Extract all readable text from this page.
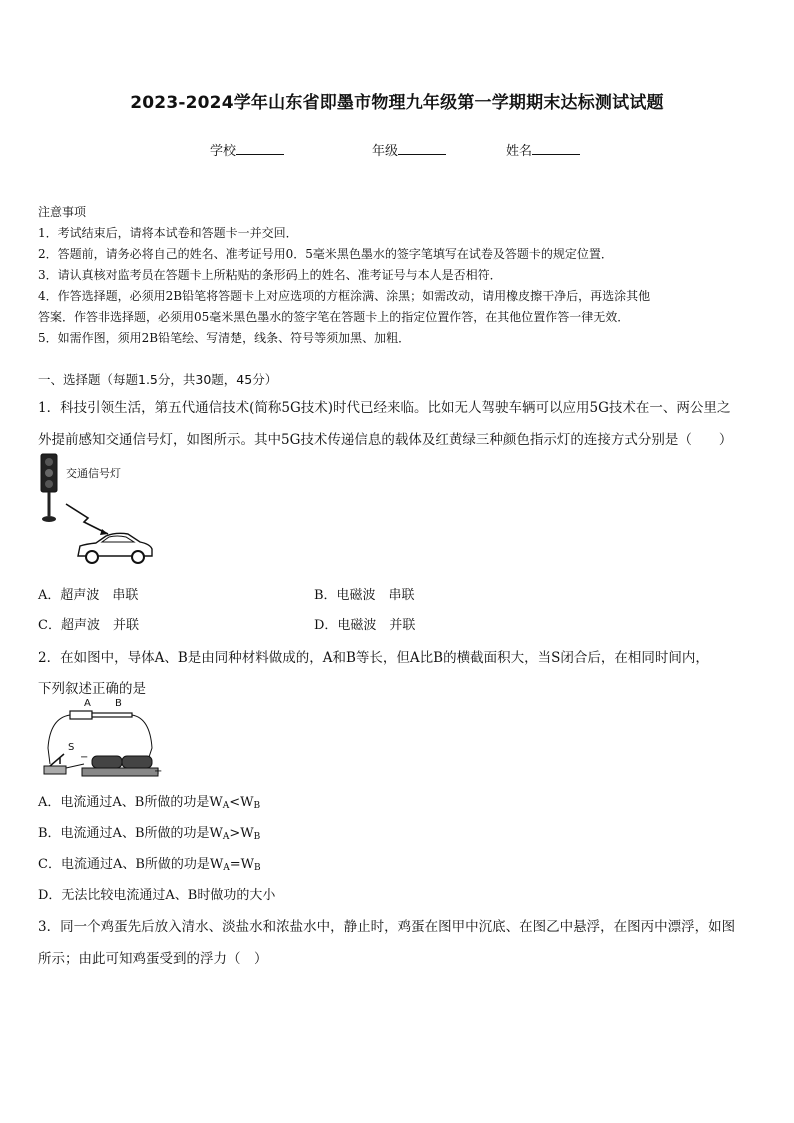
2023-2024学年山东省即墨市物理九年级第一学期期末达标测试试题
学校	年级	姓名
注意事项
1．考试结束后，请将本试卷和答题卡一并交回．
2．答题前，请务必将自己的姓名、准考证号用0．5毫米黑色墨水的签字笔填写在试卷及答题卡的规定位置．
3．请认真核对监考员在答题卡上所粘贴的条形码上的姓名、准考证号与本人是否相符．
4．作答选择题，必须用2B铅笔将答题卡上对应选项的方框涂满、涂黑；如需改动，请用橡皮擦干净后，再选涂其他
答案．作答非选择题，必须用05毫米黑色墨水的签字笔在答题卡上的指定位置作答，在其他位置作答一律无效．
5．如需作图，须用2B铅笔绘、写清楚，线条、符号等须加黑、加粗．
一、选择题（每题1.5分，共30题，45分）
1．科技引领生活，第五代通信技术(简称5G技术)时代已经来临。比如无人驾驶车辆可以应用5G技术在一、两公里之
外提前感知交通信号灯，如图所示。其中5G技术传递信息的载体及红黄绿三种颜色指示灯的连接方式分别是（　　）
交通信号灯
A．超声波　串联	B．电磁波　串联
C．超声波　并联	D．电磁波　并联
2．在如图中，导体A、B是由同种材料做成的，A和B等长，但A比B的横截面积大，当S闭合后，在相同时间内，
下列叙述正确的是
A B
S
−
+
A．电流通过A、B所做的功是$W_A<W_B$
B．电流通过A、B所做的功是$W_A>W_B$
C．电流通过A、B所做的功是$W_A=W_B$
D．无法比较电流通过A、B时做功的大小
3．同一个鸡蛋先后放入清水、淡盐水和浓盐水中，静止时，鸡蛋在图甲中沉底、在图乙中悬浮，在图丙中漂浮，如图
所示；由此可知鸡蛋受到的浮力（　）
